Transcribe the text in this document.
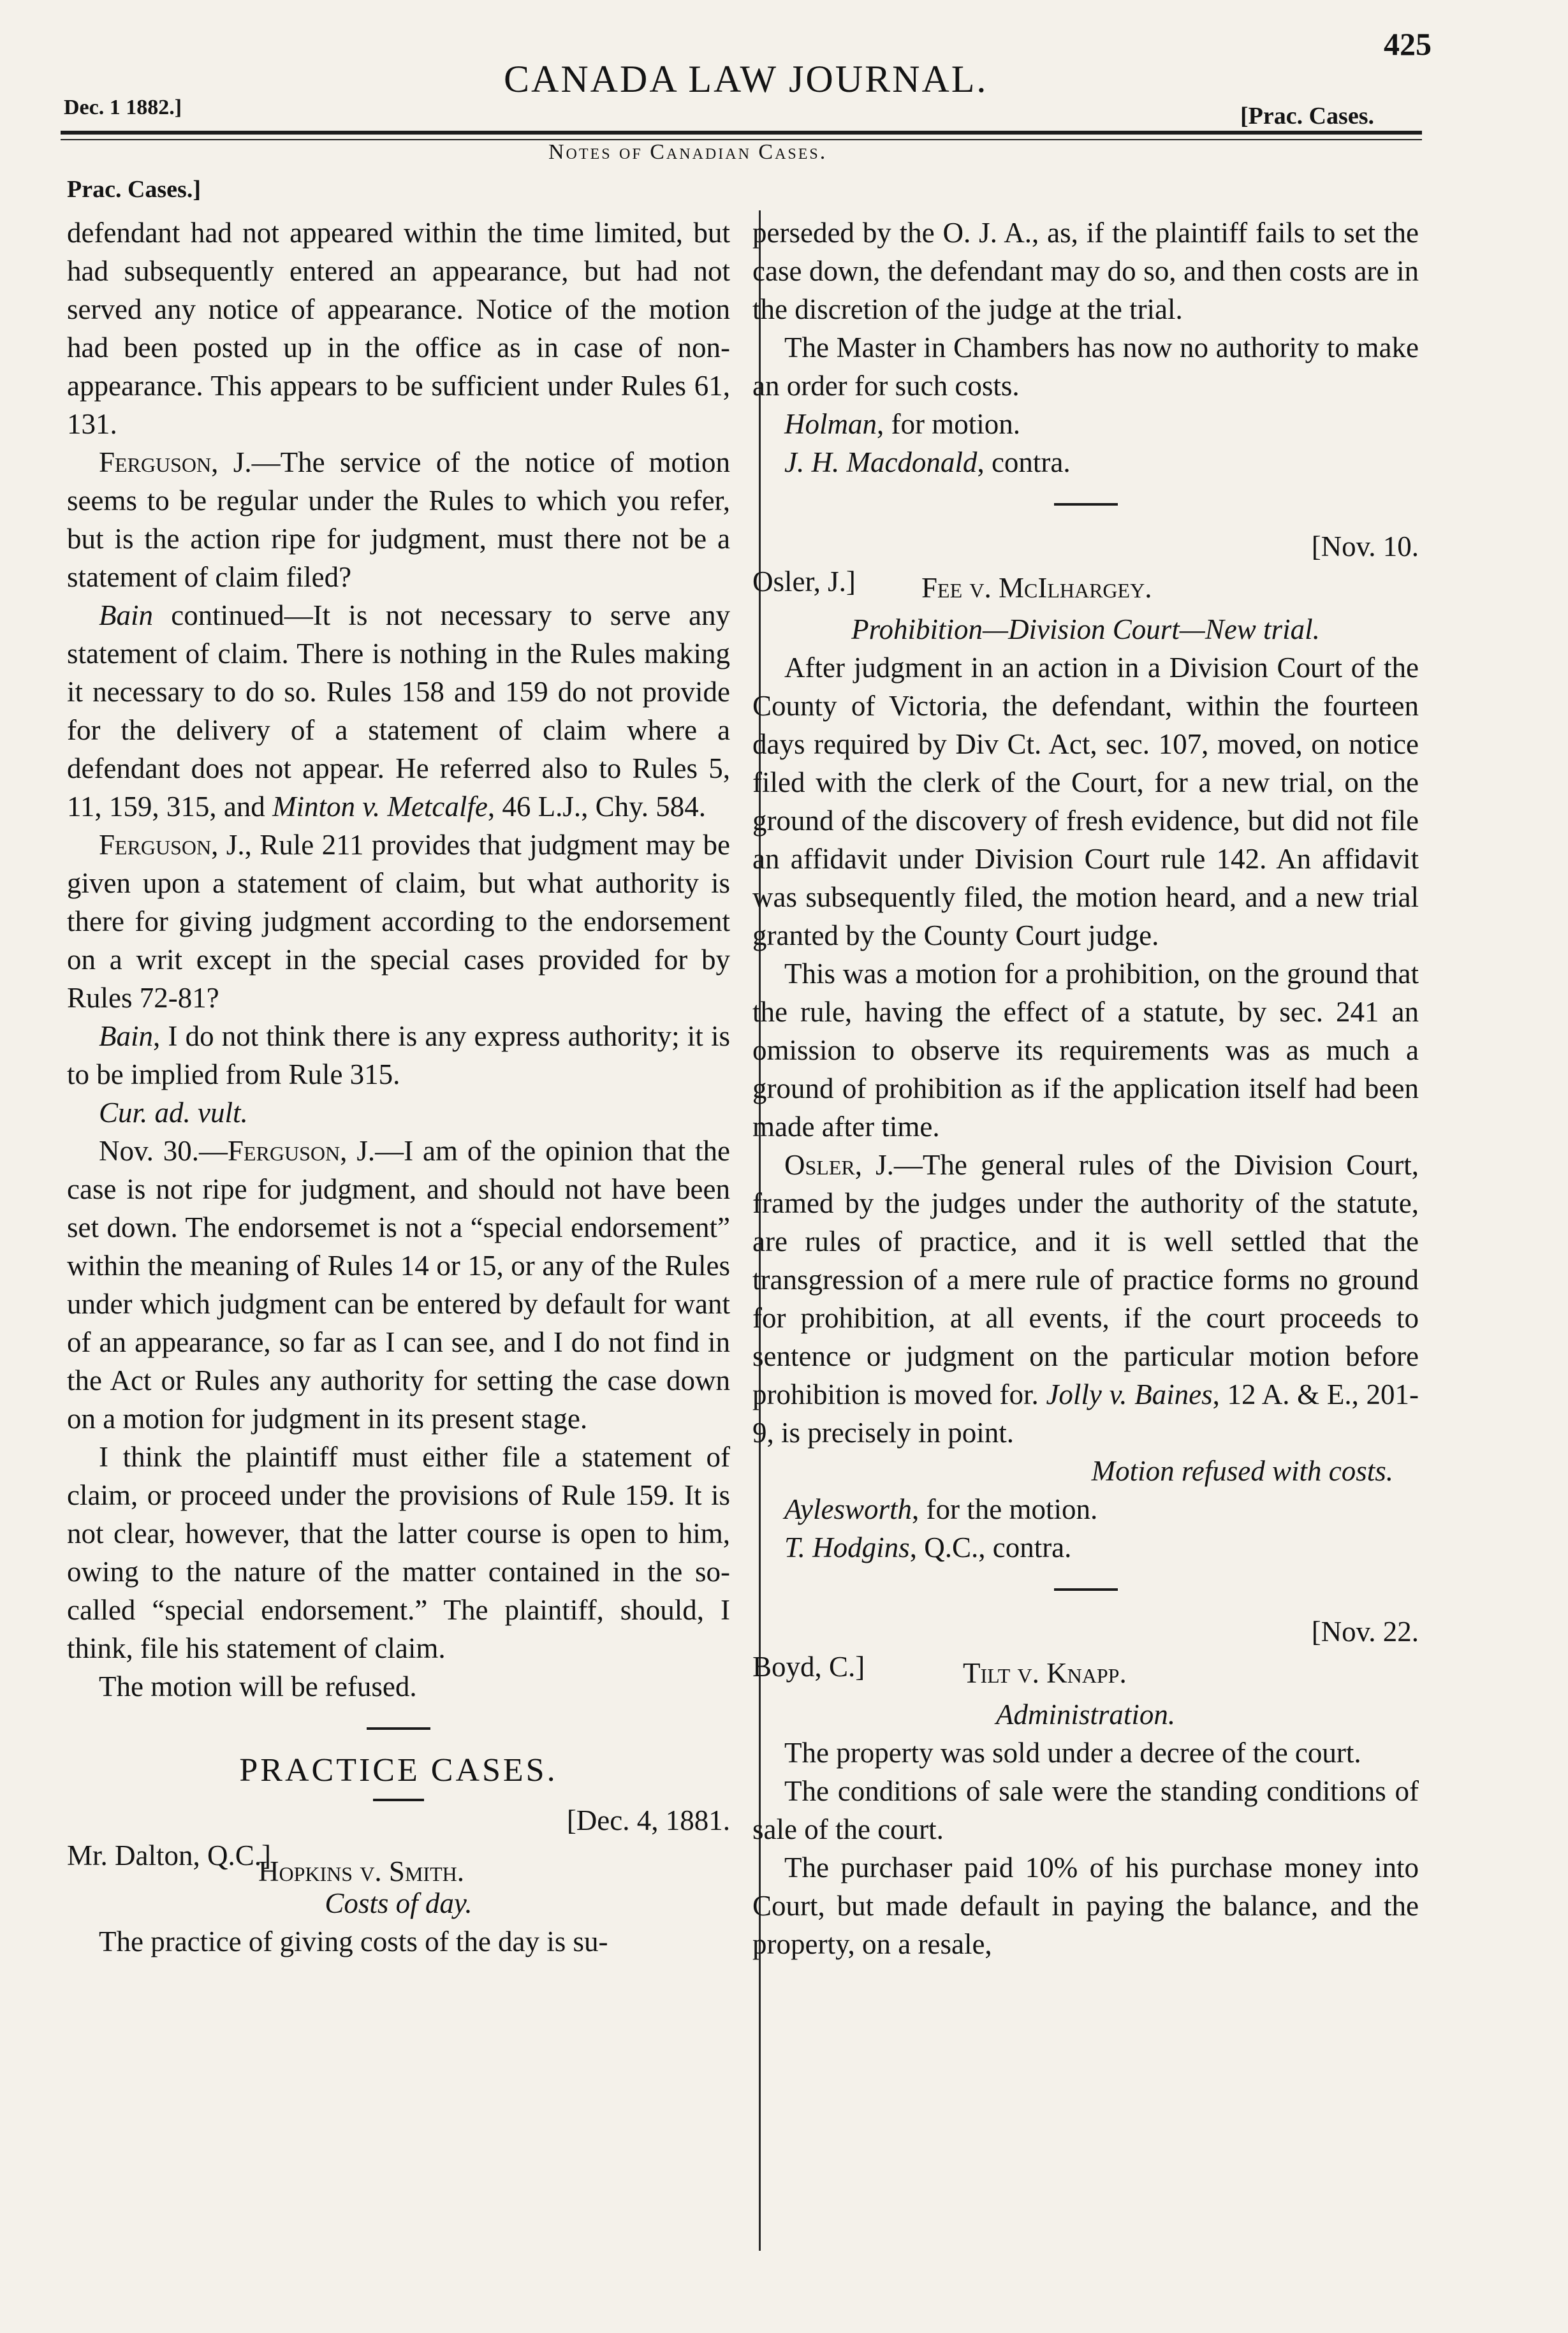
425
CANADA LAW JOURNAL.
Dec. 1 1882.]	[Prac. Cases.
Notes of Canadian Cases.
Prac. Cases.]

defendant had not appeared within the time limited, but had subsequently entered an appearance, but had not served any notice of appearance. Notice of the motion had been posted up in the office as in case of non-appearance. This appears to be sufficient under Rules 61, 131.

Ferguson, J.—The service of the notice of motion seems to be regular under the Rules to which you refer, but is the action ripe for judgment, must there not be a statement of claim filed?

Bain continued—It is not necessary to serve any statement of claim. There is nothing in the Rules making it necessary to do so. Rules 158 and 159 do not provide for the delivery of a statement of claim where a defendant does not appear. He referred also to Rules 5, 11, 159, 315, and Minton v. Metcalfe, 46 L.J., Chy. 584.

Ferguson, J., Rule 211 provides that judgment may be given upon a statement of claim, but what authority is there for giving judgment according to the endorsement on a writ except in the special cases provided for by Rules 72-81?

Bain, I do not think there is any express authority; it is to be implied from Rule 315.

Cur. ad. vult.

Nov. 30.—Ferguson, J.—I am of the opinion that the case is not ripe for judgment, and should not have been set down. The endorsemet is not a “special endorsement” within the meaning of Rules 14 or 15, or any of the Rules under which judgment can be entered by default for want of an appearance, so far as I can see, and I do not find in the Act or Rules any authority for setting the case down on a motion for judgment in its present stage.

I think the plaintiff must either file a statement of claim, or proceed under the provisions of Rule 159. It is not clear, however, that the latter course is open to him, owing to the nature of the matter contained in the so-called “special endorsement.” The plaintiff, should, I think, file his statement of claim.

The motion will be refused.

PRACTICE CASES.
[Dec. 4, 1881.
Mr. Dalton, Q.C.]
Hopkins v. Smith.

Costs of day.

The practice of giving costs of the day is su-

perseded by the O. J. A., as, if the plaintiff fails to set the case down, the defendant may do so, and then costs are in the discretion of the judge at the trial.

The Master in Chambers has now no authority to make an order for such costs.

Holman, for motion.

J. H. Macdonald, contra.

[Nov. 10.
Osler, J.] Fee v. McIlhargey.

Prohibition—Division Court—New trial.

After judgment in an action in a Division Court of the County of Victoria, the defendant, within the fourteen days required by Div Ct. Act, sec. 107, moved, on notice filed with the clerk of the Court, for a new trial, on the ground of the discovery of fresh evidence, but did not file an affidavit under Division Court rule 142. An affidavit was subsequently filed, the motion heard, and a new trial granted by the County Court judge.

This was a motion for a prohibition, on the ground that the rule, having the effect of a statute, by sec. 241 an omission to observe its requirements was as much a ground of prohibition as if the application itself had been made after time.

Osler, J.—The general rules of the Division Court, framed by the judges under the authority of the statute, are rules of practice, and it is well settled that the transgression of a mere rule of practice forms no ground for prohibition, at all events, if the court proceeds to sentence or judgment on the particular motion before prohibition is moved for. Jolly v. Baines, 12 A. & E., 201-9, is precisely in point.

Motion refused with costs.

Aylesworth, for the motion.

T. Hodgins, Q.C., contra.

[Nov. 22.
Boyd, C.]	Tilt v. Knapp.

Administration.

The property was sold under a decree of the court.

The conditions of sale were the standing conditions of sale of the court.

The purchaser paid 10% of his purchase money into Court, but made default in paying the balance, and the property, on a resale,
